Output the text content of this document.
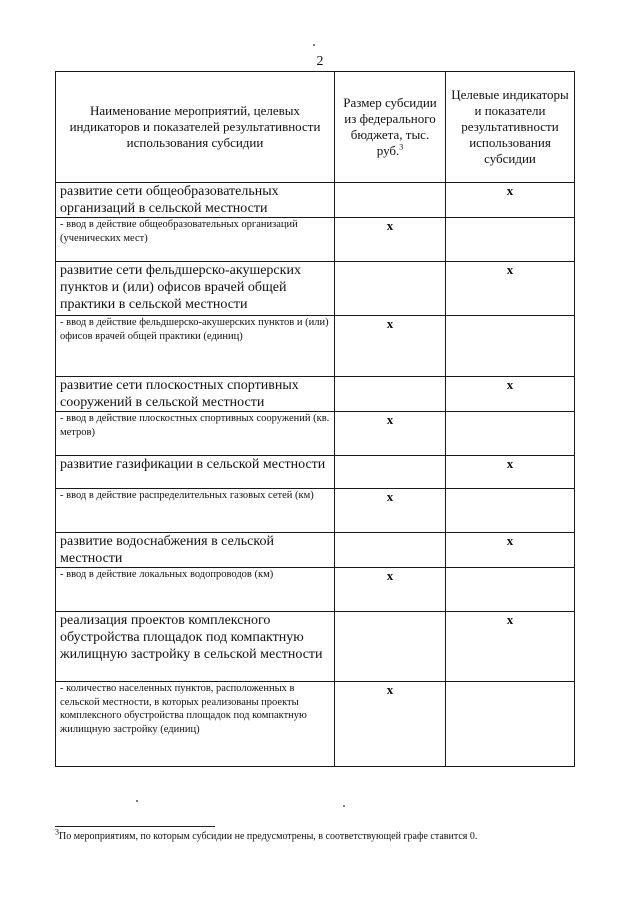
2
Наименование мероприятий, целевых индикаторов и показателей результативности использования субсидии	Размер субсидии из федерального бюджета, тыс. руб.$^3$	Целевые индикаторы и показатели результативности использования субсидии
развитие сети общеобразовательных организаций в сельской местности		x
- ввод в действие общеобразовательных организаций (ученических мест)	x	
развитие сети фельдшерско-акушерских пунктов и (или) офисов врачей общей практики в сельской местности		x
- ввод в действие фельдшерско-акушерских пунктов и (или) офисов врачей общей практики (единиц)	x	
развитие сети плоскостных спортивных сооружений в сельской местности		x
- ввод в действие плоскостных спортивных сооружений (кв. метров)	x	
развитие газификации в сельской местности		x
- ввод в действие распределительных газовых сетей (км)	x	
развитие водоснабжения в сельской местности		x
- ввод в действие локальных водопроводов (км)	x	
реализация проектов комплексного обустройства площадок под компактную жилищную застройку в сельской местности		x
- количество населенных пунктов, расположенных в сельской местности, в которых реализованы проекты комплексного обустройства площадок под компактную жилищную застройку (единиц)	x	
$^3$По мероприятиям, по которым субсидии не предусмотрены, в соответствующей графе ставится 0.
